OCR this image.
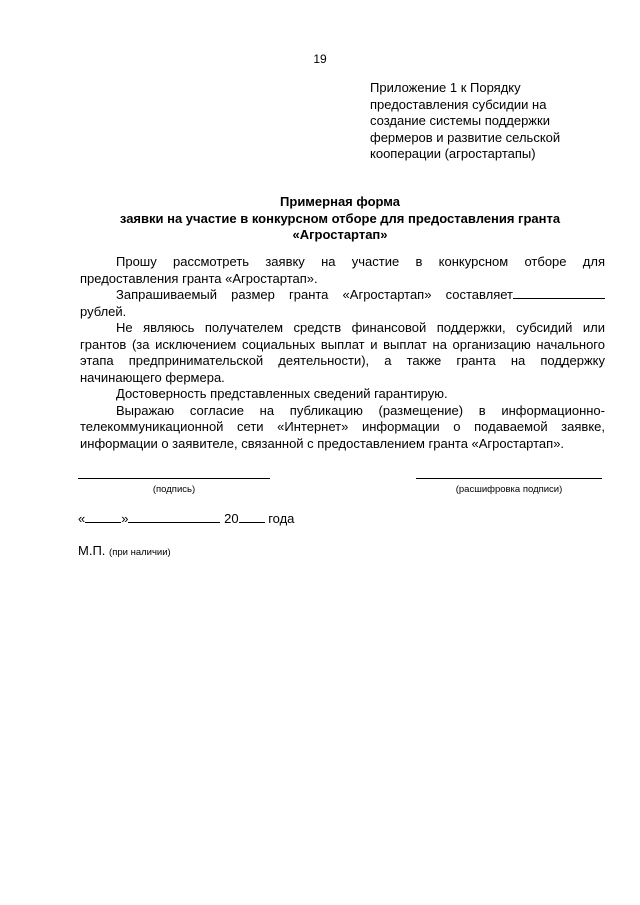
19
Приложение 1 к Порядку
предоставления субсидии на
создание системы поддержки
фермеров и развитие сельской
кооперации (агростартапы)
Примерная форма
заявки на участие в конкурсном отборе для предоставления гранта
«Агростартап»

Прошу рассмотреть заявку на участие в конкурсном отборе для предоставления гранта «Агростартап».

Запрашиваемый размер гранта «Агростартап» составляет рублей.

Не являюсь получателем средств финансовой поддержки, субсидий или грантов (за исключением социальных выплат и выплат на организацию начального этапа предпринимательской деятельности), а также гранта на поддержку начинающего фермера.

Достоверность представленных сведений гарантирую.

Выражаю согласие на публикацию (размещение) в информационно-телекоммуникационной сети «Интернет» информации о подаваемой заявке, информации о заявителе, связанной с предоставлением гранта «Агростартап».

(подпись)	(расшифровка подписи)
«	»	20 года
М.П. (при наличии)
